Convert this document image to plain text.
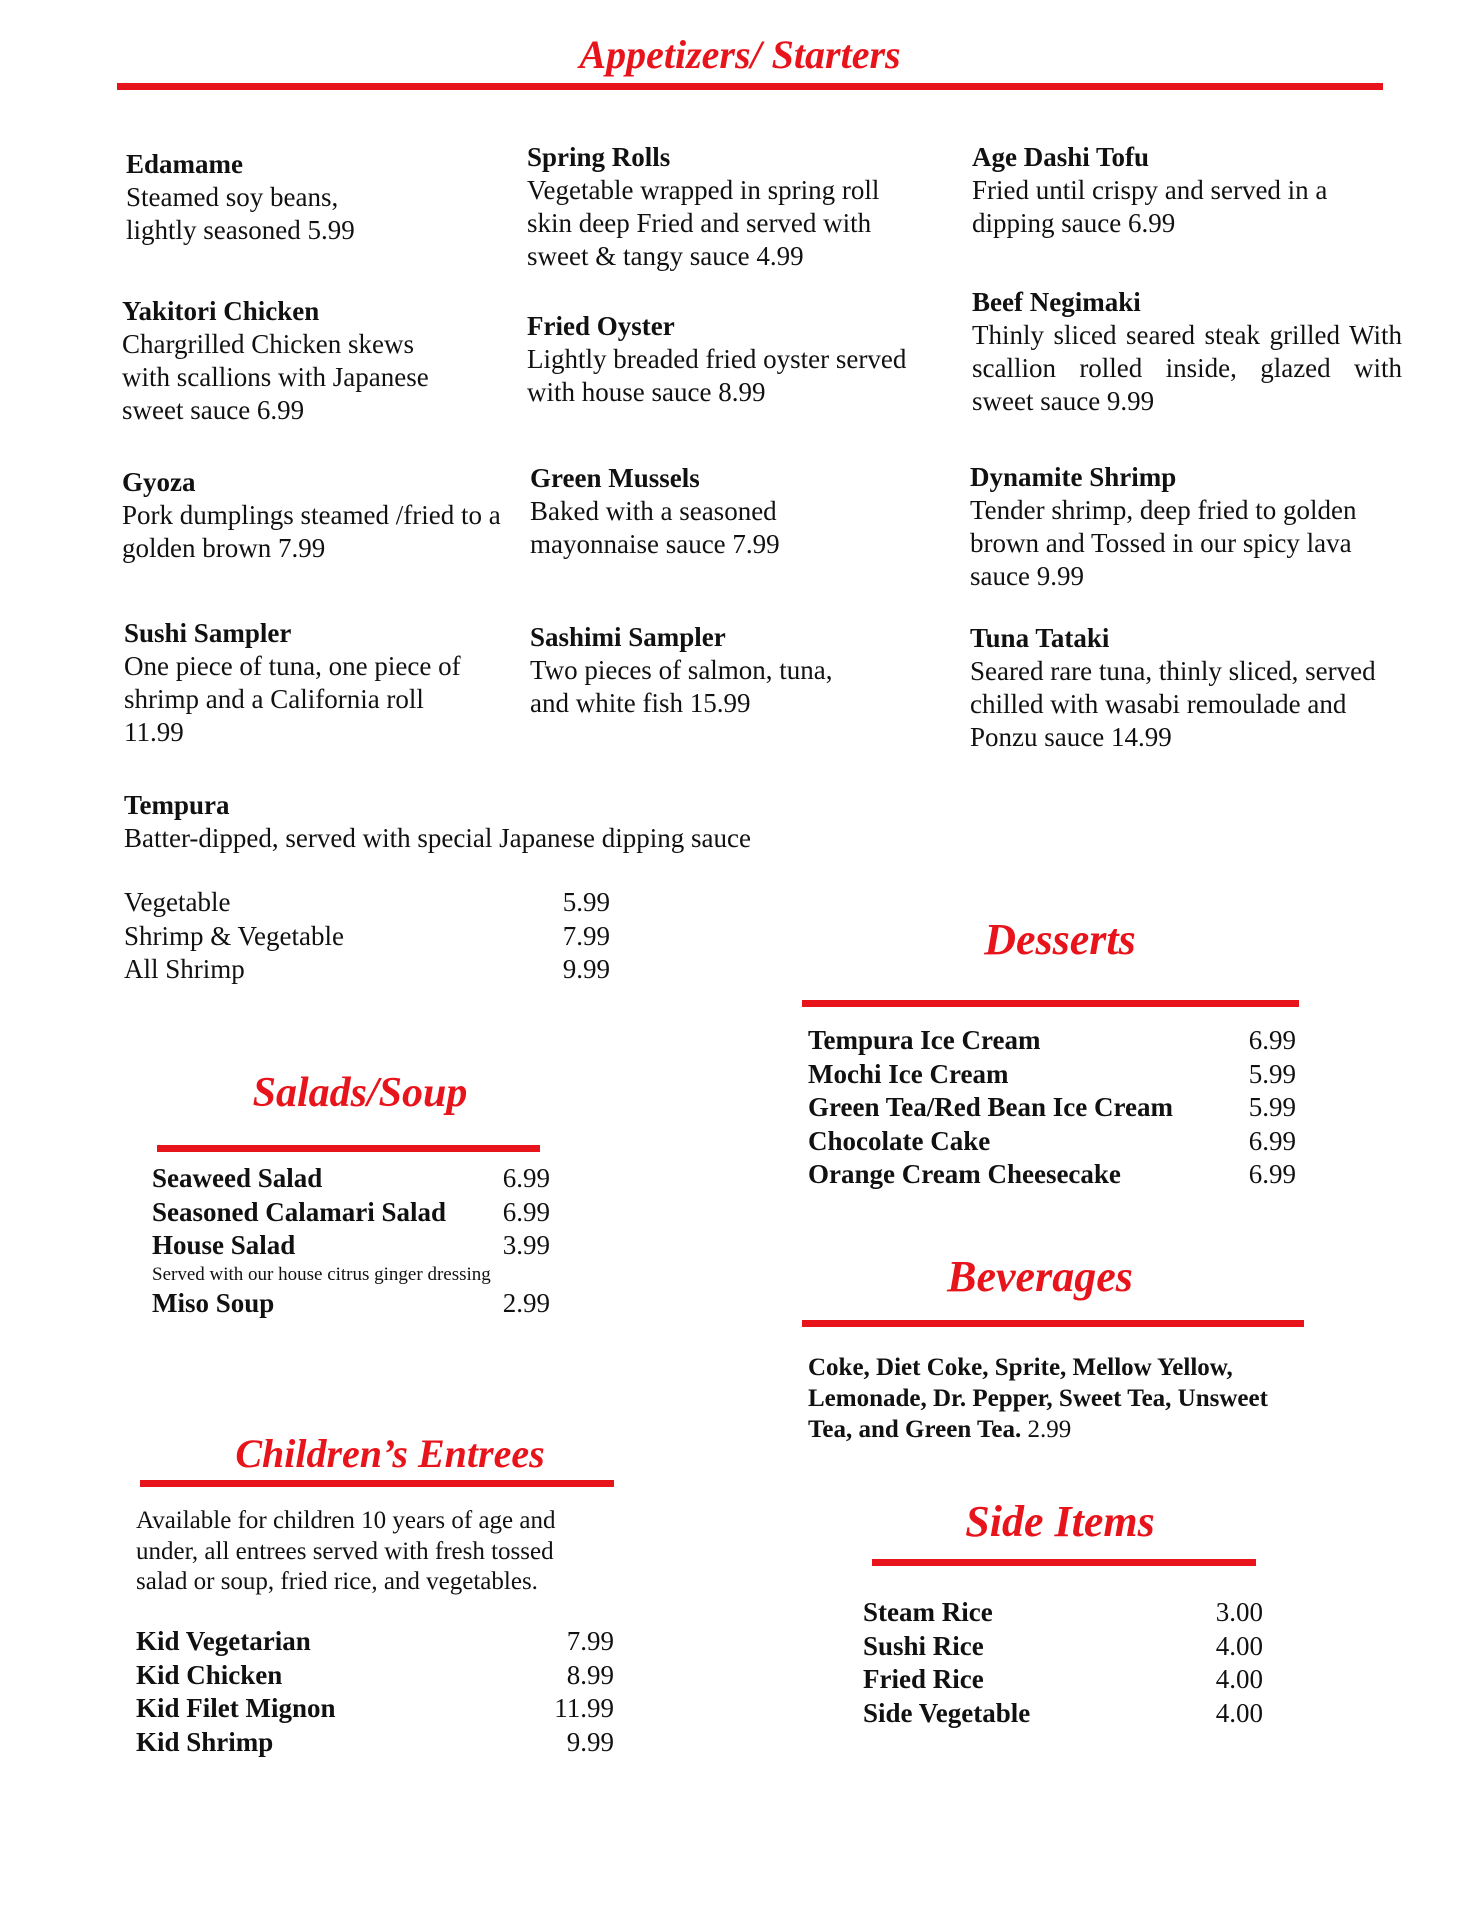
Appetizers/ Starters
Edamame
Steamed soy beans, lightly seasoned 5.99
Yakitori Chicken
Chargrilled Chicken skews with scallions with Japanese sweet sauce 6.99
Gyoza
Pork dumplings steamed /fried to a golden brown 7.99
Sushi Sampler
One piece of tuna, one piece of shrimp and a California roll 11.99
Spring Rolls
Vegetable wrapped in spring roll skin deep Fried and served with sweet & tangy sauce 4.99
Fried Oyster
Lightly breaded fried oyster served with house sauce 8.99
Green Mussels
Baked with a seasoned mayonnaise sauce 7.99
Sashimi Sampler
Two pieces of salmon, tuna, and white fish 15.99
Age Dashi Tofu
Fried until crispy and served in a dipping sauce 6.99
Beef Negimaki
Thinly sliced seared steak grilled With scallion rolled inside, glazed with sweet sauce 9.99
Dynamite Shrimp
Tender shrimp, deep fried to golden brown and Tossed in our spicy lava sauce 9.99
Tuna Tataki
Seared rare tuna, thinly sliced, served chilled with wasabi remoulade and Ponzu sauce 14.99
Tempura
Batter-dipped, served with special Japanese dipping sauce
Vegetable	5.99
Shrimp & Vegetable	7.99
All Shrimp	9.99
Desserts
Tempura Ice Cream	6.99
Mochi Ice Cream	5.99
Green Tea/Red Bean Ice Cream	5.99
Chocolate Cake	6.99
Orange Cream Cheesecake	6.99
Salads/Soup
Seaweed Salad	6.99
Seasoned Calamari Salad 6.99
House Salad	3.99
Served with our house citrus ginger dressing
Miso Soup	2.99
Beverages
Coke, Diet Coke, Sprite, Mellow Yellow, Lemonade, Dr. Pepper, Sweet Tea, Unsweet Tea, and Green Tea. 2.99
Children’s Entrees
Available for children 10 years of age and under, all entrees served with fresh tossed salad or soup, fried rice, and vegetables.
Kid Vegetarian	7.99
Kid Chicken	8.99
Kid Filet Mignon	11.99
Kid Shrimp	9.99
Side Items
Steam Rice	3.00
Sushi Rice	4.00
Fried Rice	4.00
Side Vegetable	4.00
